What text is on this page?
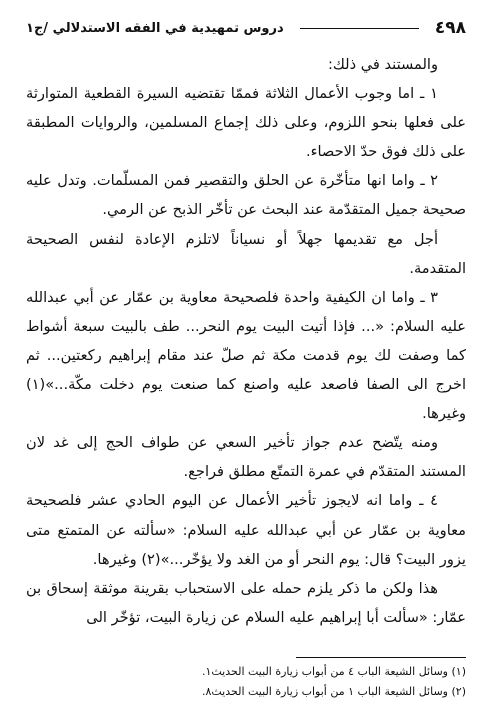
٤٩٨
دروس تمهيدية في الفقه الاستدلالي /ج١

والمستند في ذلك:

١ ـ اما وجوب الأعمال الثلاثة فممّا تقتضيه السيرة القطعية المتوارثة على فعلها بنحو اللزوم، وعلى ذلك إجماع المسلمين، والروايات المطبقة على ذلك فوق حدّ الاحصاء.

٢ ـ واما انها متأخّرة عن الحلق والتقصير فمن المسلّمات. وتدل عليه صحيحة جميل المتقدّمة عند البحث عن تأخّر الذبح عن الرمي.

أجل مع تقديمها جهلاً أو نسياناً لاتلزم الإعادة لنفس الصحيحة المتقدمة.

٣ ـ واما ان الكيفية واحدة فلصحيحة معاوية بن عمّار عن أبي عبدالله عليه السلام: «... فإذا أتيت البيت يوم النحر... طف بالبيت سبعة أشواط كما وصفت لك يوم قدمت مكة ثم صلّ عند مقام إبراهيم ركعتين... ثم اخرج الى الصفا فاصعد عليه واصنع كما صنعت يوم دخلت مكّة...»(١) وغيرها.

ومنه يتّضح عدم جواز تأخير السعي عن طواف الحج إلى غد لان المستند المتقدّم في عمرة التمتّع مطلق فراجع.

٤ ـ واما انه لايجوز تأخير الأعمال عن اليوم الحادي عشر فلصحيحة معاوية بن عمّار عن أبي عبدالله عليه السلام: «سألته عن المتمتع متى يزور البيت؟ قال: يوم النحر أو من الغد ولا يؤخّر...»(٢) وغيرها.

هذا ولكن ما ذكر يلزم حمله على الاستحباب بقرينة موثقة إسحاق بن عمّار: «سألت أبا إبراهيم عليه السلام عن زيارة البيت، تؤخّر الى

(١) وسائل الشيعة الباب ٤ من أبواب زيارة البيت الحديث١.

(٢) وسائل الشيعة الباب ١ من أبواب زيارة البيت الحديث٨.
